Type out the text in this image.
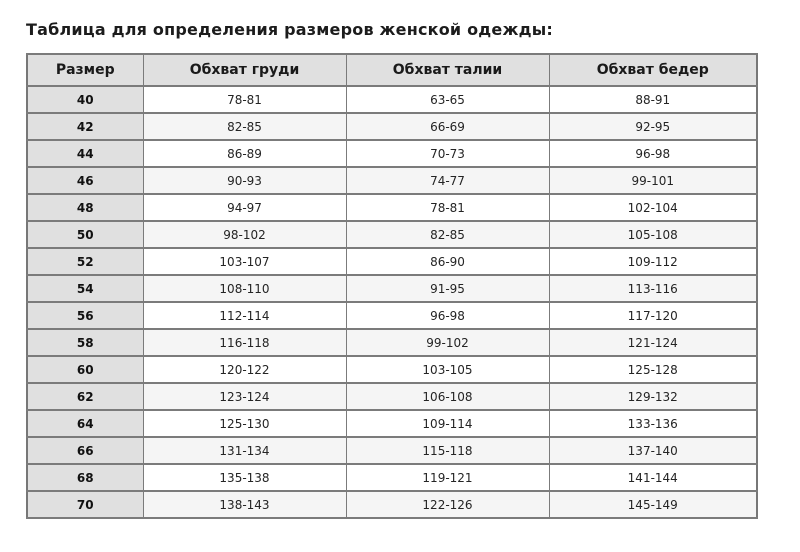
Таблица для определения размеров женской одежды:
Размер	Обхват груди	Обхват талии	Обхват бедер
40	78-81	63-65	88-91
42	82-85	66-69	92-95
44	86-89	70-73	96-98
46	90-93	74-77	99-101
48	94-97	78-81	102-104
50	98-102	82-85	105-108
52	103-107	86-90	109-112
54	108-110	91-95	113-116
56	112-114	96-98	117-120
58	116-118	99-102	121-124
60	120-122	103-105	125-128
62	123-124	106-108	129-132
64	125-130	109-114	133-136
66	131-134	115-118	137-140
68	135-138	119-121	141-144
70	138-143	122-126	145-149
